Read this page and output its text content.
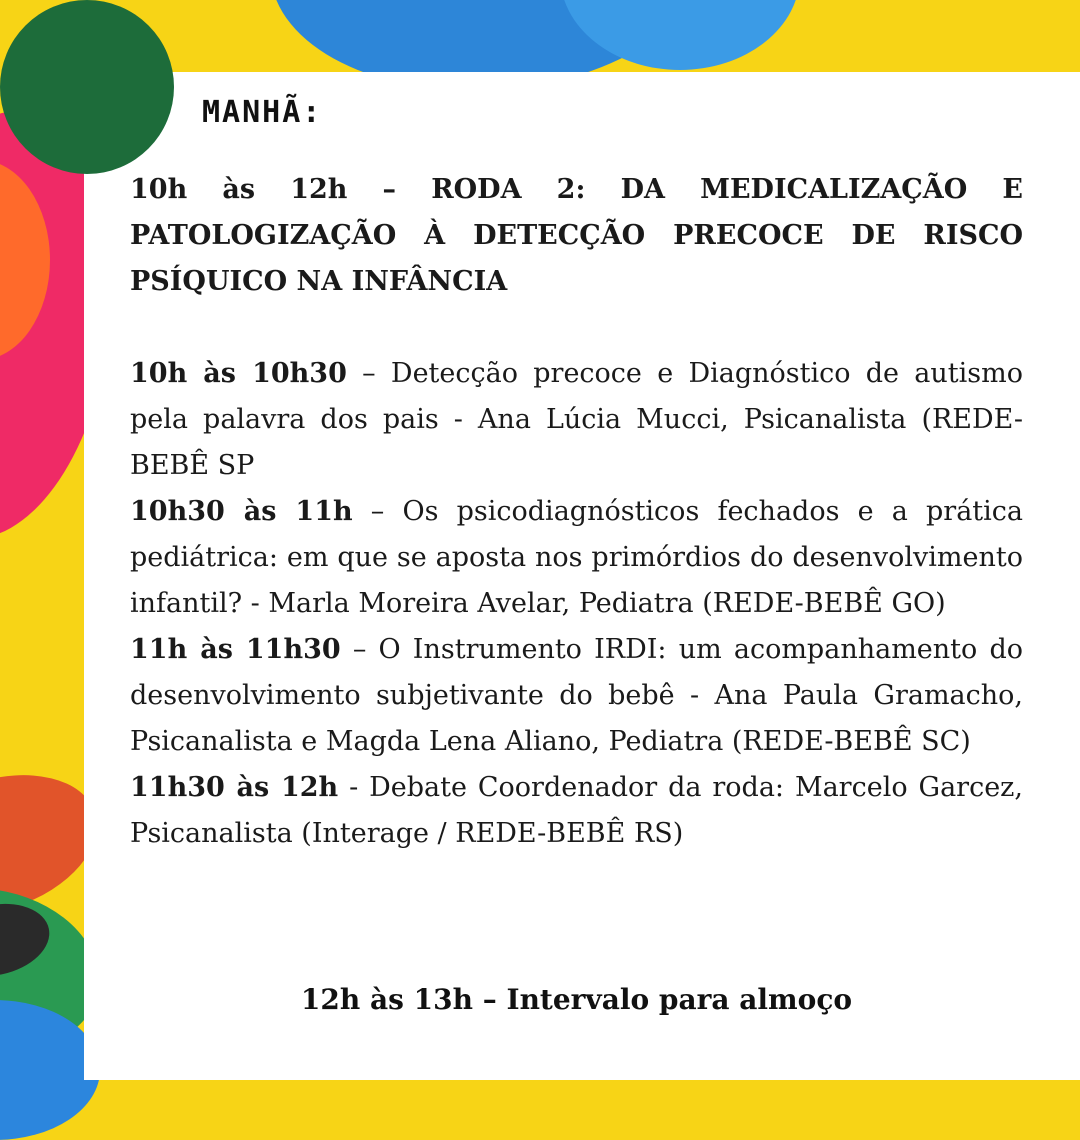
MANHÃ:
10h às 12h – RODA 2: DA MEDICALIZAÇÃO E PATOLOGIZAÇÃO À DETECÇÃO PRECOCE DE RISCO PSÍQUICO NA INFÂNCIA
10h às 10h30 – Detecção precoce e Diagnóstico de autismo pela palavra dos pais - Ana Lúcia Mucci, Psicanalista (REDE-BEBÊ SP
10h30 às 11h – Os psicodiagnósticos fechados e a prática pediátrica: em que se aposta nos primórdios do desenvolvimento infantil? - Marla Moreira Avelar, Pediatra (REDE-BEBÊ GO)
11h às 11h30 – O Instrumento IRDI: um acompanhamento do desenvolvimento subjetivante do bebê - Ana Paula Gramacho, Psicanalista e Magda Lena Aliano, Pediatra (REDE-BEBÊ SC)
11h30 às 12h - Debate Coordenador da roda: Marcelo Garcez, Psicanalista (Interage / REDE-BEBÊ RS)
12h às 13h – Intervalo para almoço
